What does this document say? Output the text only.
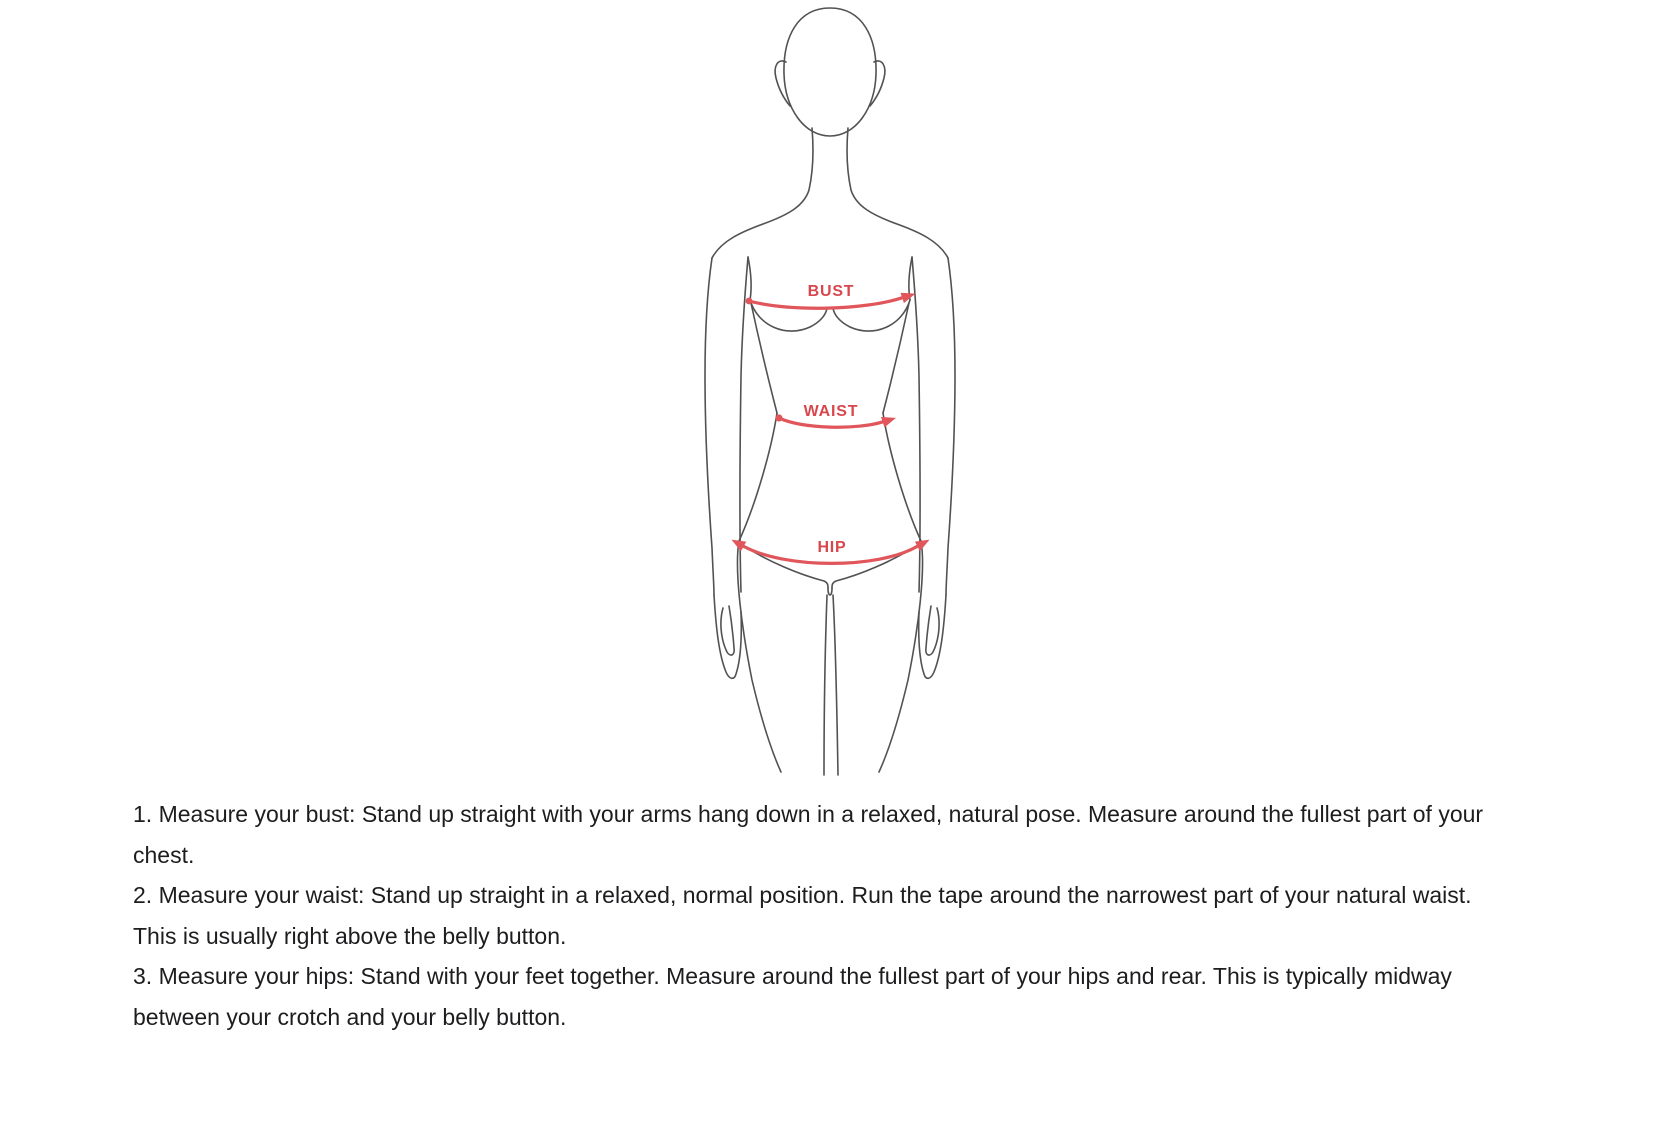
BUST
WAIST
HIP

1. Measure your bust: Stand up straight with your arms hang down in a relaxed, natural pose. Measure around the fullest part of your chest.

2. Measure your waist: Stand up straight in a relaxed, normal position. Run the tape around the narrowest part of your natural waist. This is usually right above the belly button.

3. Measure your hips: Stand with your feet together. Measure around the fullest part of your hips and rear. This is typically midway between your crotch and your belly button.
